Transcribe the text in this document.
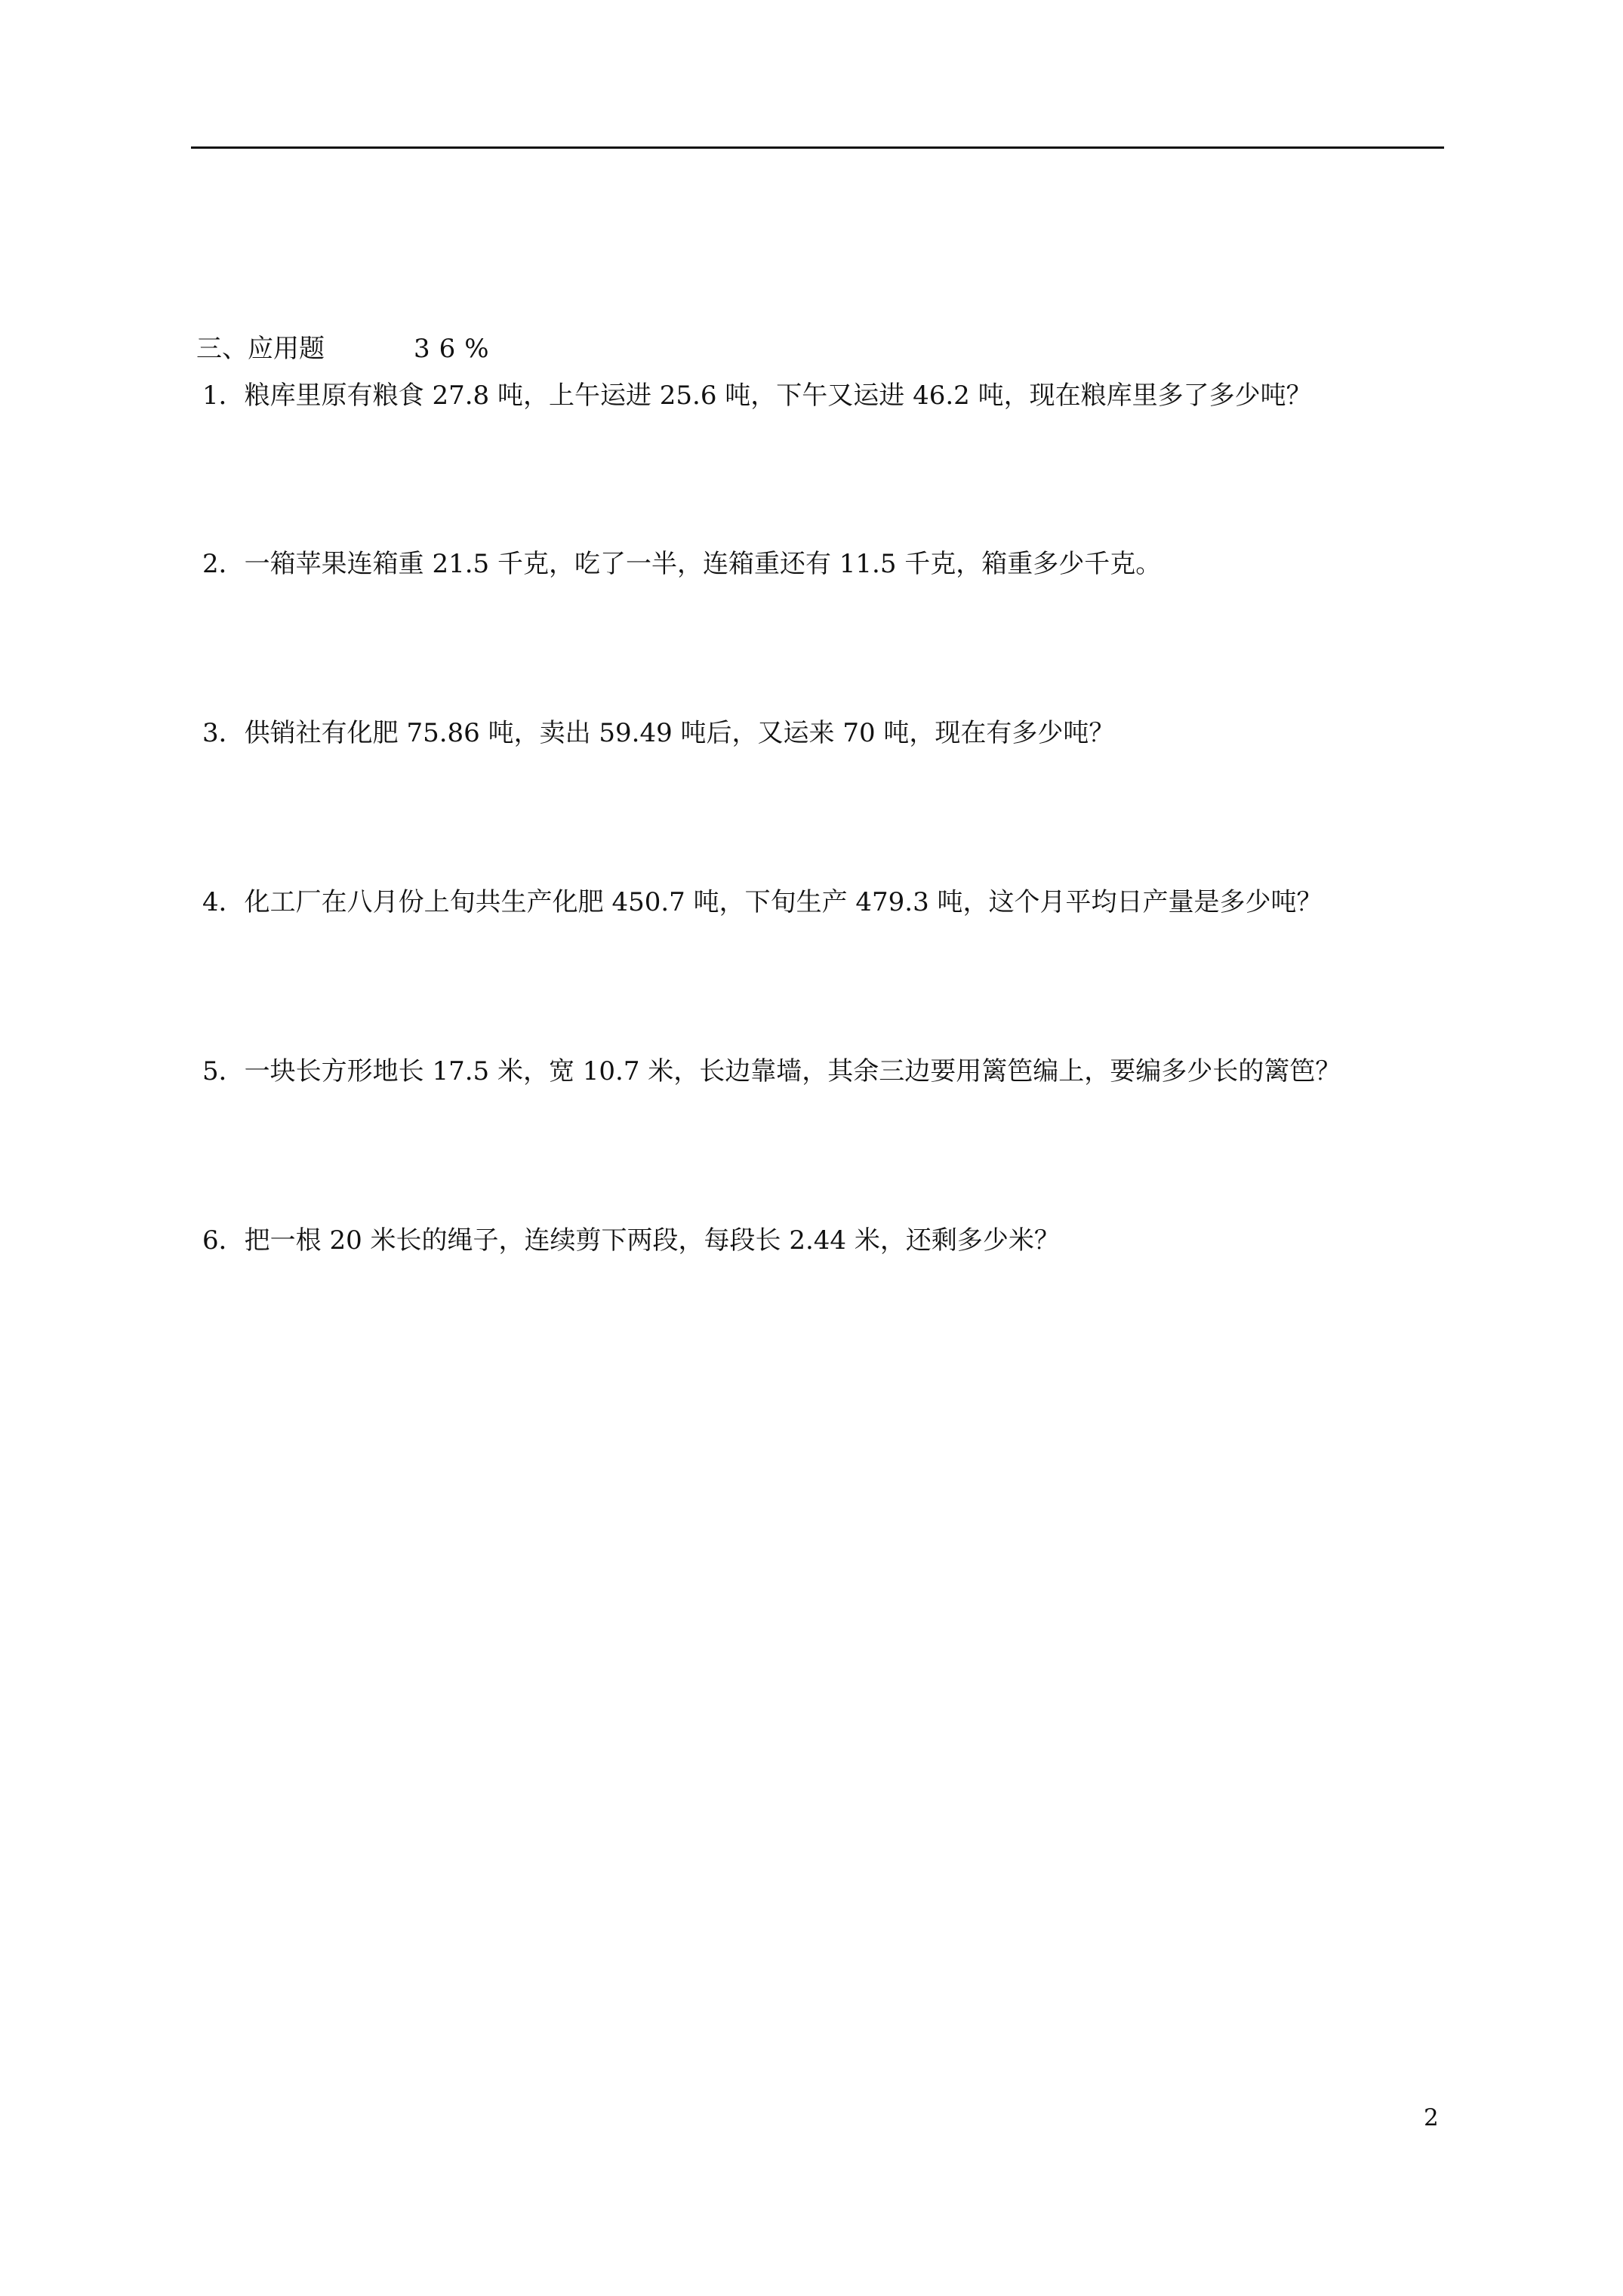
三、应用题	36%
1．粮库里原有粮食 27.8 吨，上午运进 25.6 吨，下午又运进 46.2 吨，现在粮库里多了多少吨？
2．一箱苹果连箱重 21.5 千克，吃了一半，连箱重还有 11.5 千克，箱重多少千克。
3．供销社有化肥 75.86 吨，卖出 59.49 吨后，又运来 70 吨，现在有多少吨？
4．化工厂在八月份上旬共生产化肥 450.7 吨，下旬生产 479.3 吨，这个月平均日产量是多少吨？
5．一块长方形地长 17.5 米，宽 10.7 米，长边靠墙，其余三边要用篱笆编上，要编多少长的篱笆？
6．把一根 20 米长的绳子，连续剪下两段，每段长 2.44 米，还剩多少米？
2
